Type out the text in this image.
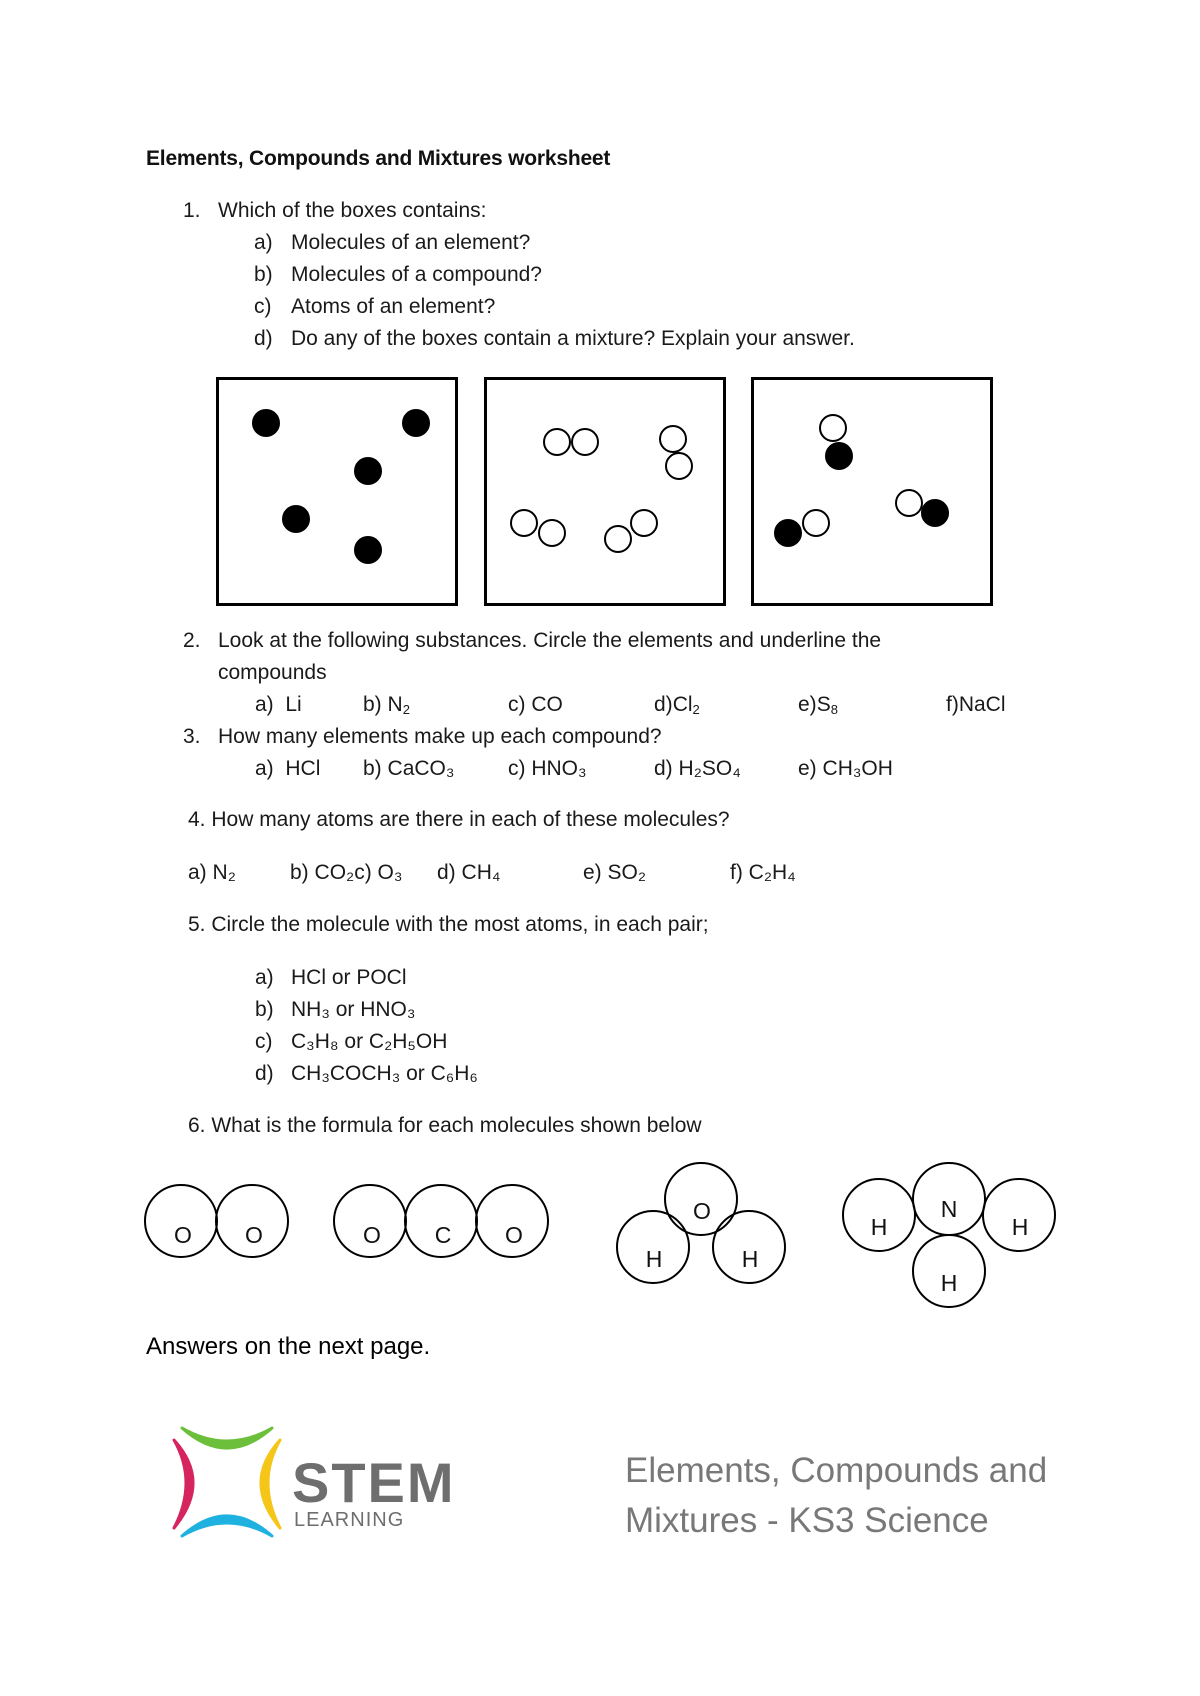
Elements, Compounds and Mixtures worksheet
1. Which of the boxes contains:
a) Molecules of an element?
b) Molecules of a compound?
c) Atoms of an element?
d) Do any of the boxes contain a mixture? Explain your answer.
2. Look at the following substances. Circle the elements and underline the
compounds
a) Li	b) $N_2$	c) CO	$d)Cl_2$	$e)S_8$	f)NaCl
3. How many elements make up each compound?
a) HCl b) CaCO₃	c) HNO₃	d) H₂SO₄	e) CH₃OH
4. How many atoms are there in each of these molecules?
a) N₂	b) CO₂c) O₃ d) CH₄	e) SO₂	f) C₂H₄
5. Circle the molecule with the most atoms, in each pair;
a) HCl or POCl
b) NH₃ or HNO₃
c) C₃H₈ or C₂H₅OH
d) CH₃COCH₃ or C₆H₆
6. What is the formula for each molecules shown below
O O	O C O
O
H	H
H
N
H
H
Answers on the next page.
STEM
LEARNING
Elements, Compounds and
Mixtures - KS3 Science
